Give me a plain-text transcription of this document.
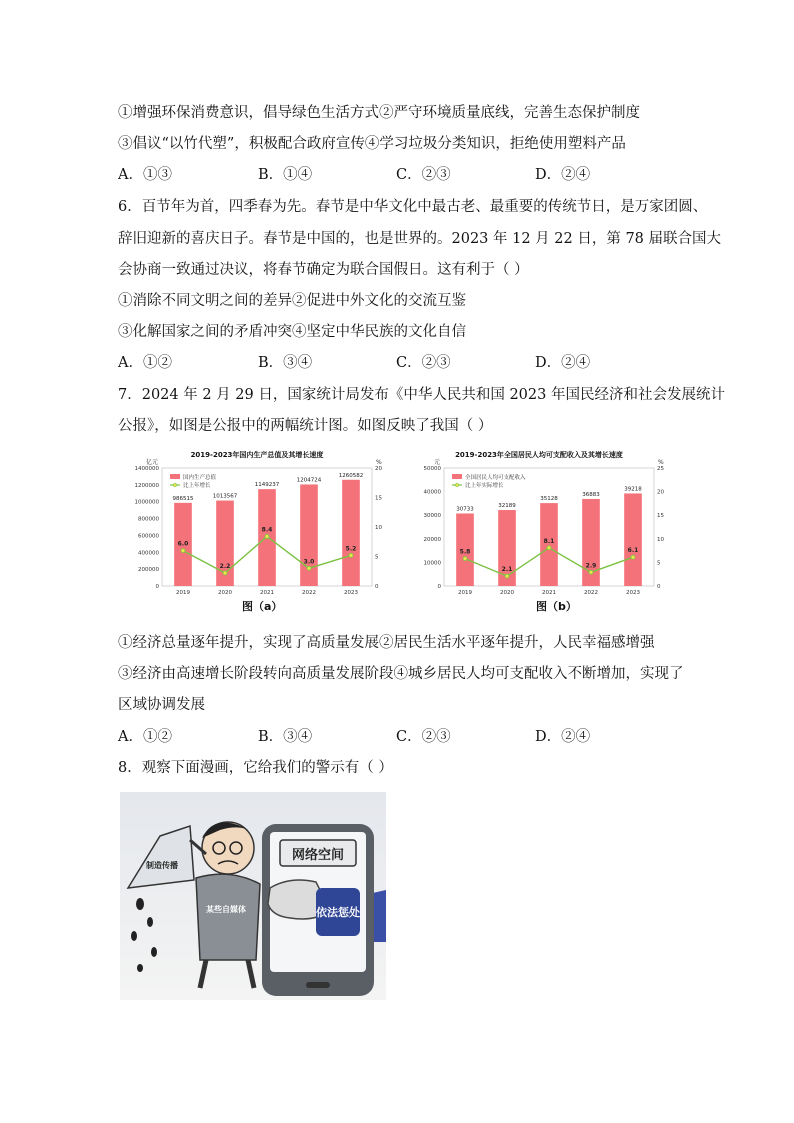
①增强环保消费意识，倡导绿色生活方式②严守环境质量底线，完善生态保护制度
③倡议“以竹代塑”，积极配合政府宣传④学习垃圾分类知识，拒绝使用塑料产品
A．①③	B．①④	C．②③	D．②④
6．百节年为首，四季春为先。春节是中华文化中最古老、最重要的传统节日，是万家团圆、
辞旧迎新的喜庆日子。春节是中国的，也是世界的。2023 年 12 月 22 日，第 78 届联合国大
会协商一致通过决议，将春节确定为联合国假日。这有利于（ ）
①消除不同文明之间的差异②促进中外文化的交流互鉴
③化解国家之间的矛盾冲突④坚定中华民族的文化自信
A．①②	B．③④	C．②③	D．②④
7．2024 年 2 月 29 日，国家统计局发布《中华人民共和国 2023 年国民经济和社会发展统计
公报》，如图是公报中的两幅统计图。如图反映了我国（ ）
2019-2023年国内生产总值及其增长速度
亿元	%
0
200000
400000
600000
800000
1000000
1200000
1400000
0
5
10
15
20
986515
2019
1013567
2020
1149237
2021
1204724
2022
1260582
2023
6.0
2.2
8.4
3.0
5.2
国内生产总值
比上年增长
图（a）
2019-2023年全国居民人均可支配收入及其增长速度
元	%
0
10000
20000
30000
40000
50000
0
5
10
15
20
25
30733
2019
32189
2020
35128
2021
36883
2022
39218
2023
5.8
2.1
8.1
2.9
6.1
全国居民人均可支配收入
比上年实际增长
图（b）
①经济总量逐年提升，实现了高质量发展②居民生活水平逐年提升，人民幸福感增强
③经济由高速增长阶段转向高质量发展阶段④城乡居民人均可支配收入不断增加，实现了
区域协调发展
A．①②	B．③④	C．②③	D．②④
8．观察下面漫画，它给我们的警示有（ ）
网络空间
依法惩处
某些自媒体
制造传播
